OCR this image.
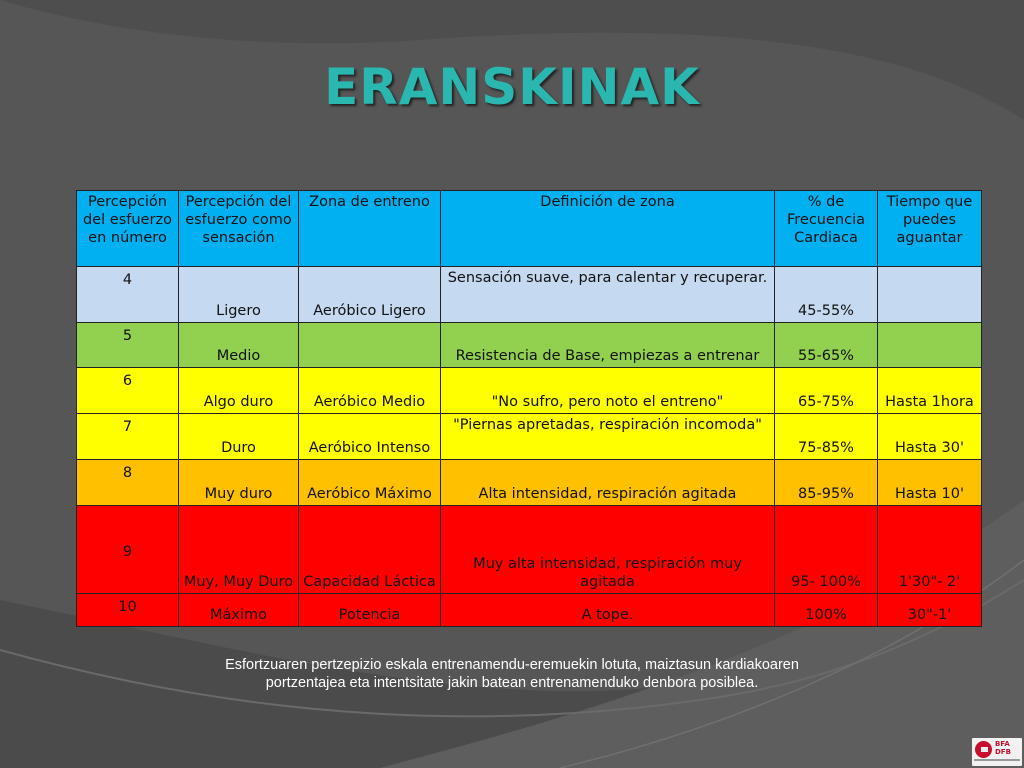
ERANSKINAK
Percepción del esfuerzo en número	Percepción del esfuerzo como sensación	Zona de entreno	Definición de zona	% de Frecuencia Cardiaca	Tiempo que puedes aguantar
4	Ligero	Aeróbico Ligero	Sensación suave, para calentar y recuperar.	45-55%	
5	Medio		Resistencia de Base, empiezas a entrenar	55-65%	
6	Algo duro	Aeróbico Medio	"No sufro, pero noto el entreno"	65-75%	Hasta 1hora
7	Duro	Aeróbico Intenso	"Piernas apretadas, respiración incomoda"	75-85%	Hasta 30'
8	Muy duro	Aeróbico Máximo	Alta intensidad, respiración agitada	85-95%	Hasta 10'
9	Muy, Muy Duro	Capacidad Láctica	Muy alta intensidad, respiración muy agitada	95- 100%	1'30"- 2'
10	Máximo	Potencia	A tope.	100%	30"-1'
Esfortzuaren pertzepizio eskala entrenamendu-eremuekin lotuta, maiztasun kardiakoaren
portzentajea eta intentsitate jakin batean entrenamenduko denbora posiblea.
BFA DFB
